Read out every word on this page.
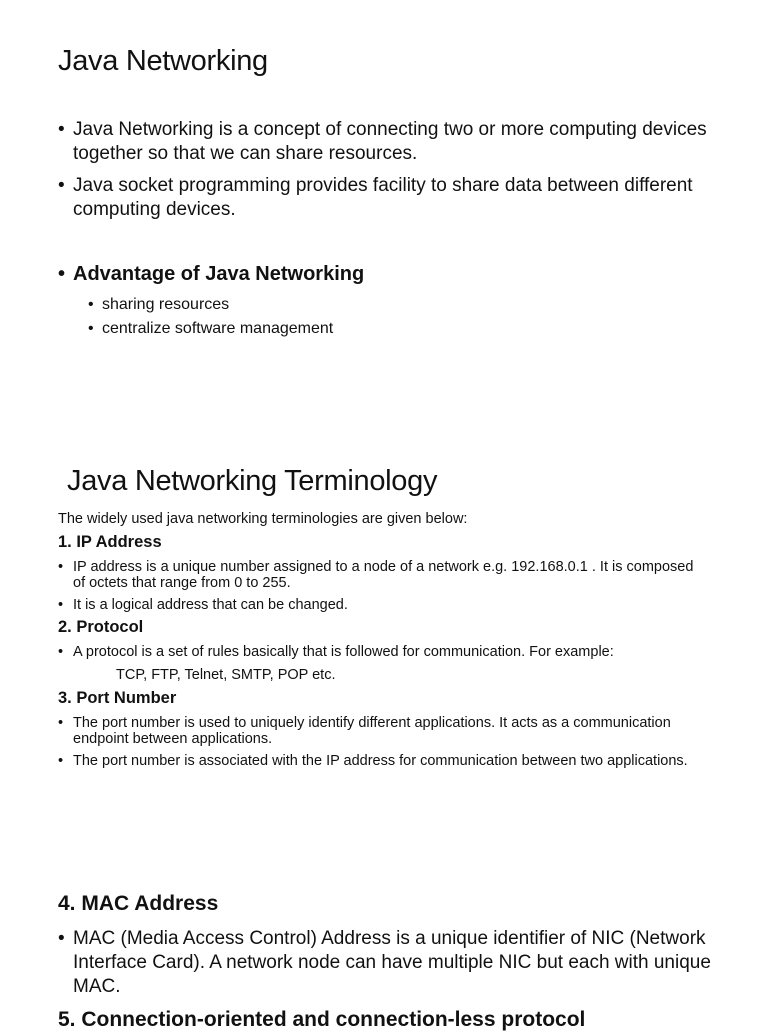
Java Networking
• Java Networking is a concept of connecting two or more computing devices together so that we can share resources.
• Java socket programming provides facility to share data between different computing devices.
• Advantage of Java Networking
• sharing resources
• centralize software management
Java Networking Terminology
The widely used java networking terminologies are given below:
1. IP Address
• IP address is a unique number assigned to a node of a network e.g. 192.168.0.1 . It is composed of octets that range from 0 to 255.
• It is a logical address that can be changed.
2. Protocol
• A protocol is a set of rules basically that is followed for communication. For example:
TCP, FTP, Telnet, SMTP, POP etc.
3. Port Number
• The port number is used to uniquely identify different applications. It acts as a communication endpoint between applications.
• The port number is associated with the IP address for communication between two applications.
4. MAC Address
• MAC (Media Access Control) Address is a unique identifier of NIC (Network Interface Card). A network node can have multiple NIC but each with unique MAC.
5. Connection-oriented and connection-less protocol
